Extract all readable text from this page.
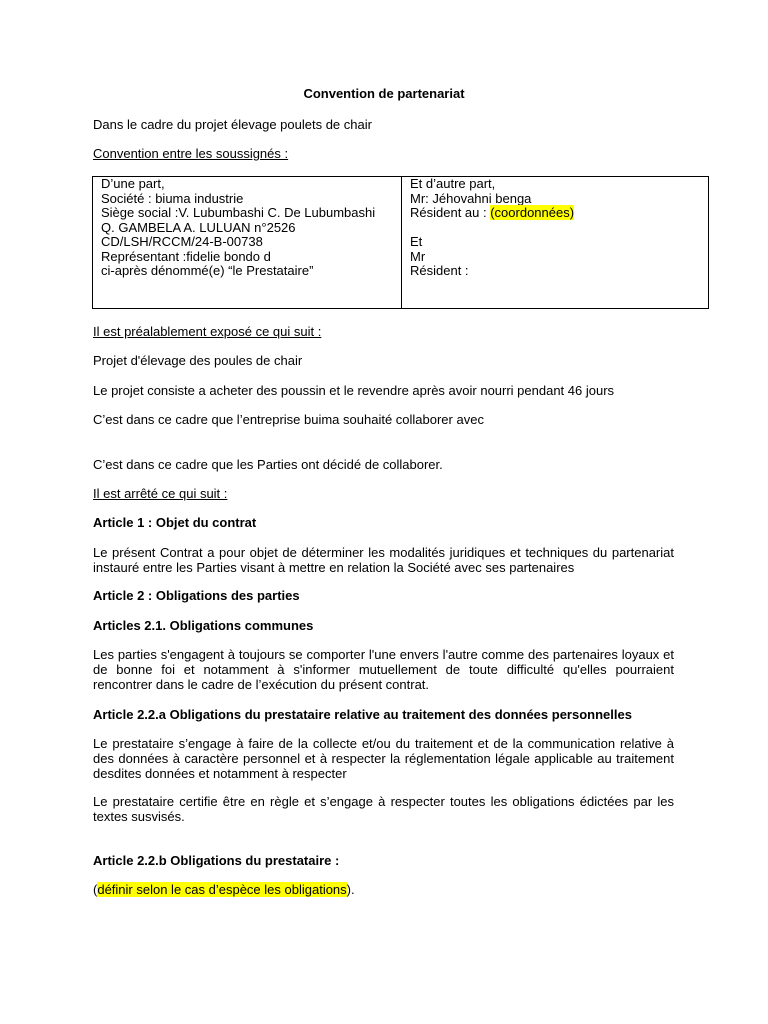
Convention de partenariat
Dans le cadre du projet élevage poulets de chair
Convention entre les soussignés :
D’une part,
Société : biuma industrie
Siège social :V. Lubumbashi C. De Lubumbashi
Q. GAMBELA A. LULUAN n°2526
CD/LSH/RCCM/24-B-00738
Représentant :fidelie bondo d
ci-après dénommé(e) “le Prestataire”

Et d’autre part,
Mr: Jéhovahni benga
Résident au : (coordonnées)
Et
Mr
Résident :
Il est préalablement exposé ce qui suit :
Projet d'élevage des poules de chair
Le projet consiste a acheter des poussin et le revendre après avoir nourri pendant 46 jours
C’est dans ce cadre que l’entreprise buima souhaité collaborer avec
C’est dans ce cadre que les Parties ont décidé de collaborer.
Il est arrêté ce qui suit :
Article 1 : Objet du contrat
Le présent Contrat a pour objet de déterminer les modalités juridiques et techniques du partenariat instauré entre les Parties visant à mettre en relation la Société avec ses partenaires
Article 2 : Obligations des parties
Articles 2.1. Obligations communes
Les parties s'engagent à toujours se comporter l'une envers l'autre comme des partenaires loyaux et de bonne foi et notamment à s'informer mutuellement de toute difficulté qu'elles pourraient rencontrer dans le cadre de l’exécution du présent contrat.
Article 2.2.a Obligations du prestataire relative au traitement des données personnelles
Le prestataire s’engage à faire de la collecte et/ou du traitement et de la communication relative à des données à caractère personnel et à respecter la réglementation légale applicable au traitement desdites données et notamment à respecter
Le prestataire certifie être en règle et s’engage à respecter toutes les obligations édictées par les textes susvisés.
Article 2.2.b Obligations du prestataire :
(définir selon le cas d’espèce les obligations).
